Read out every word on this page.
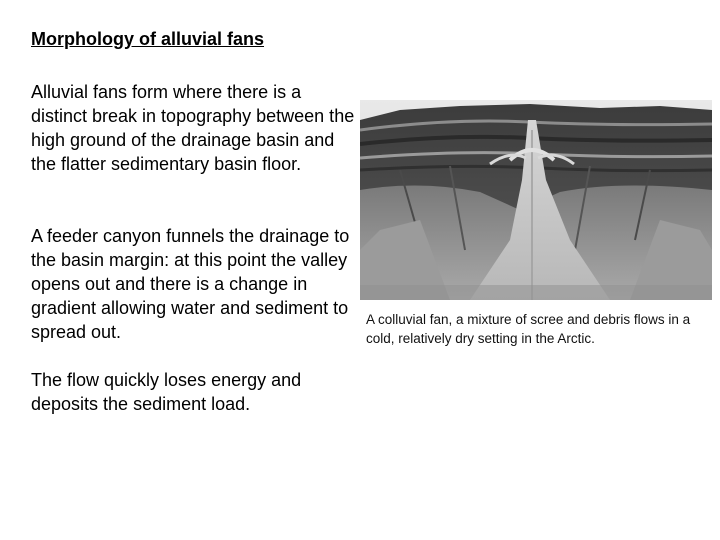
Morphology of alluvial fans

Alluvial fans form where there is a distinct break in topography between the high ground of the drainage basin and the flatter sedimentary basin floor.

A feeder canyon funnels the drainage to the basin margin: at this point the valley opens out and there is a change in gradient allowing water and sediment to spread out.

The flow quickly loses energy and deposits the sediment load.

A colluvial fan, a mixture of scree and debris flows in a cold, relatively dry setting in the Arctic.
